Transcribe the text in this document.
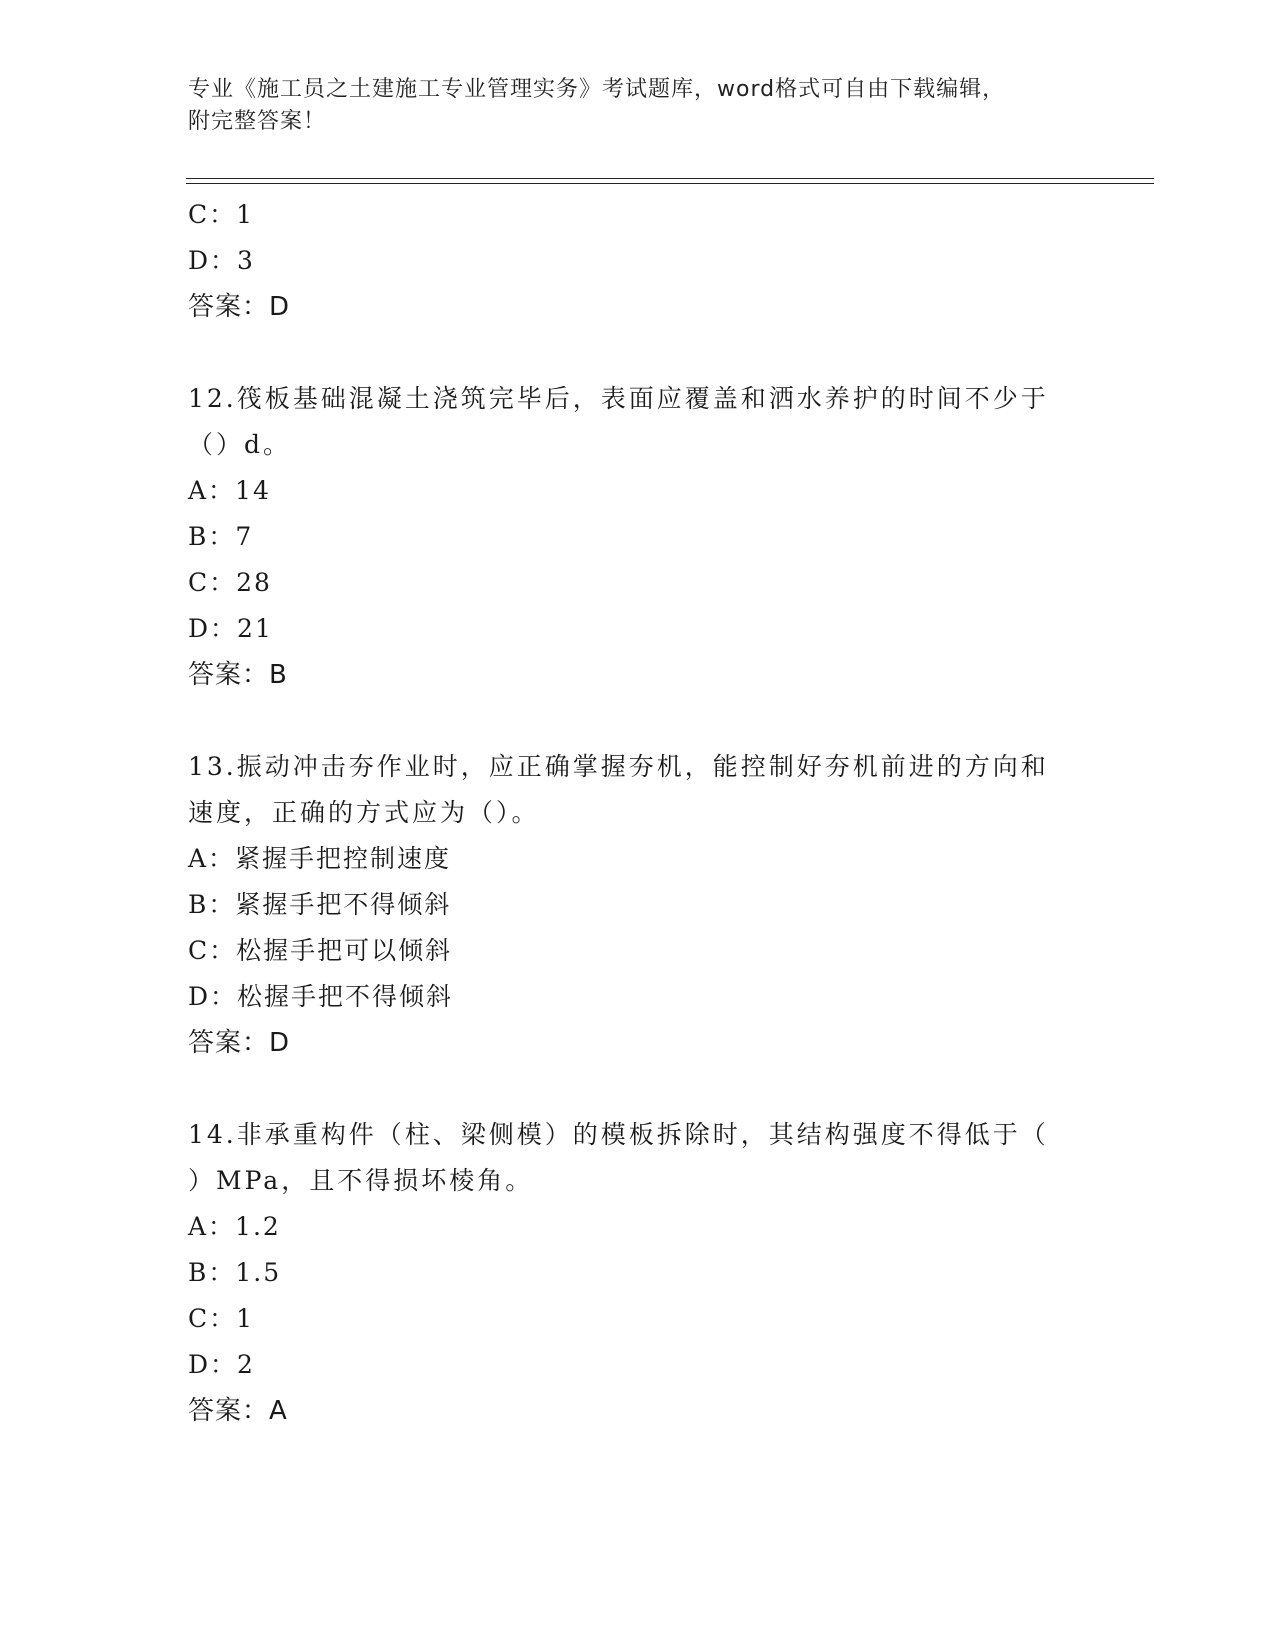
专业《施工员之土建施工专业管理实务》考试题库，word格式可自由下载编辑，
附完整答案！
C：1
D：3
答案：D
12.筏板基础混凝土浇筑完毕后，表面应覆盖和洒水养护的时间不少于
（）d。
A：14
B：7
C：28
D：21
答案：B
13.振动冲击夯作业时，应正确掌握夯机，能控制好夯机前进的方向和
速度，正确的方式应为（）。
A：紧握手把控制速度
B：紧握手把不得倾斜
C：松握手把可以倾斜
D：松握手把不得倾斜
答案：D
14.非承重构件（柱、梁侧模）的模板拆除时，其结构强度不得低于（
）MPa，且不得损坏棱角。
A：1.2
B：1.5
C：1
D：2
答案：A
